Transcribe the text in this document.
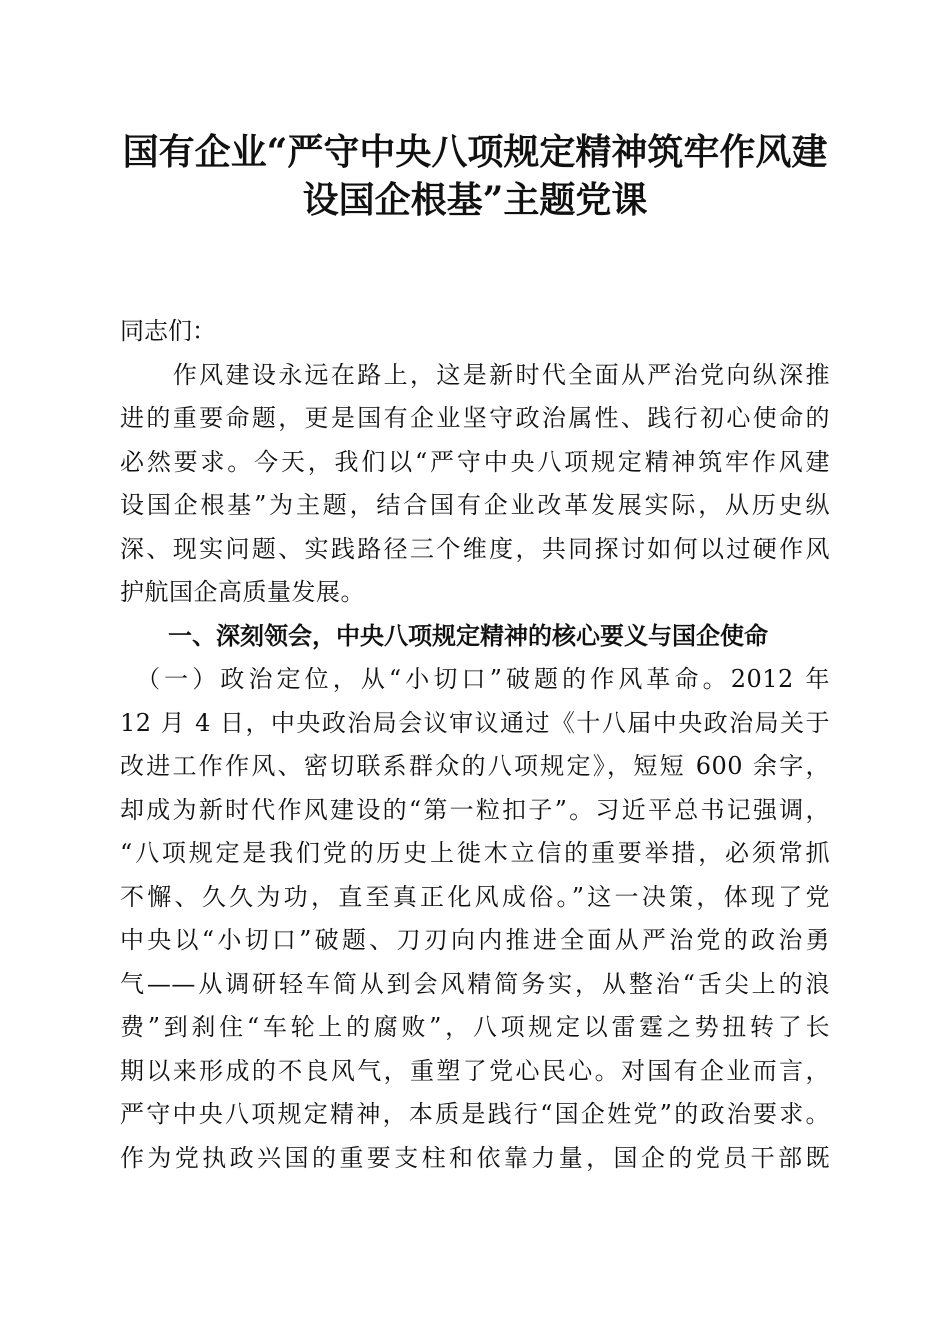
国有企业“严守中央八项规定精神筑牢作风建
设国企根基”主题党课

同志们：

　　作风建设永远在路上，这是新时代全面从严治党向纵深推
进的重要命题，更是国有企业坚守政治属性、践行初心使命的
必然要求。今天，我们以“严守中央八项规定精神筑牢作风建
设国企根基”为主题，结合国有企业改革发展实际，从历史纵
深、现实问题、实践路径三个维度，共同探讨如何以过硬作风
护航国企高质量发展。

一、深刻领会，中央八项规定精神的核心要义与国企使命

　（一）政治定位，从“小切口”破题的作风革命。2012 年
12 月 4 日，中央政治局会议审议通过《十八届中央政治局关于
改进工作作风、密切联系群众的八项规定》，短短 600 余字，
却成为新时代作风建设的“第一粒扣子”。习近平总书记强调，
“八项规定是我们党的历史上徙木立信的重要举措，必须常抓
不懈、久久为功，直至真正化风成俗。”这一决策，体现了党
中央以“小切口”破题、刀刃向内推进全面从严治党的政治勇
气——从调研轻车简从到会风精简务实，从整治“舌尖上的浪
费”到刹住“车轮上的腐败”，八项规定以雷霆之势扭转了长
期以来形成的不良风气，重塑了党心民心。对国有企业而言，
严守中央八项规定精神，本质是践行“国企姓党”的政治要求。
作为党执政兴国的重要支柱和依靠力量，国企的党员干部既
